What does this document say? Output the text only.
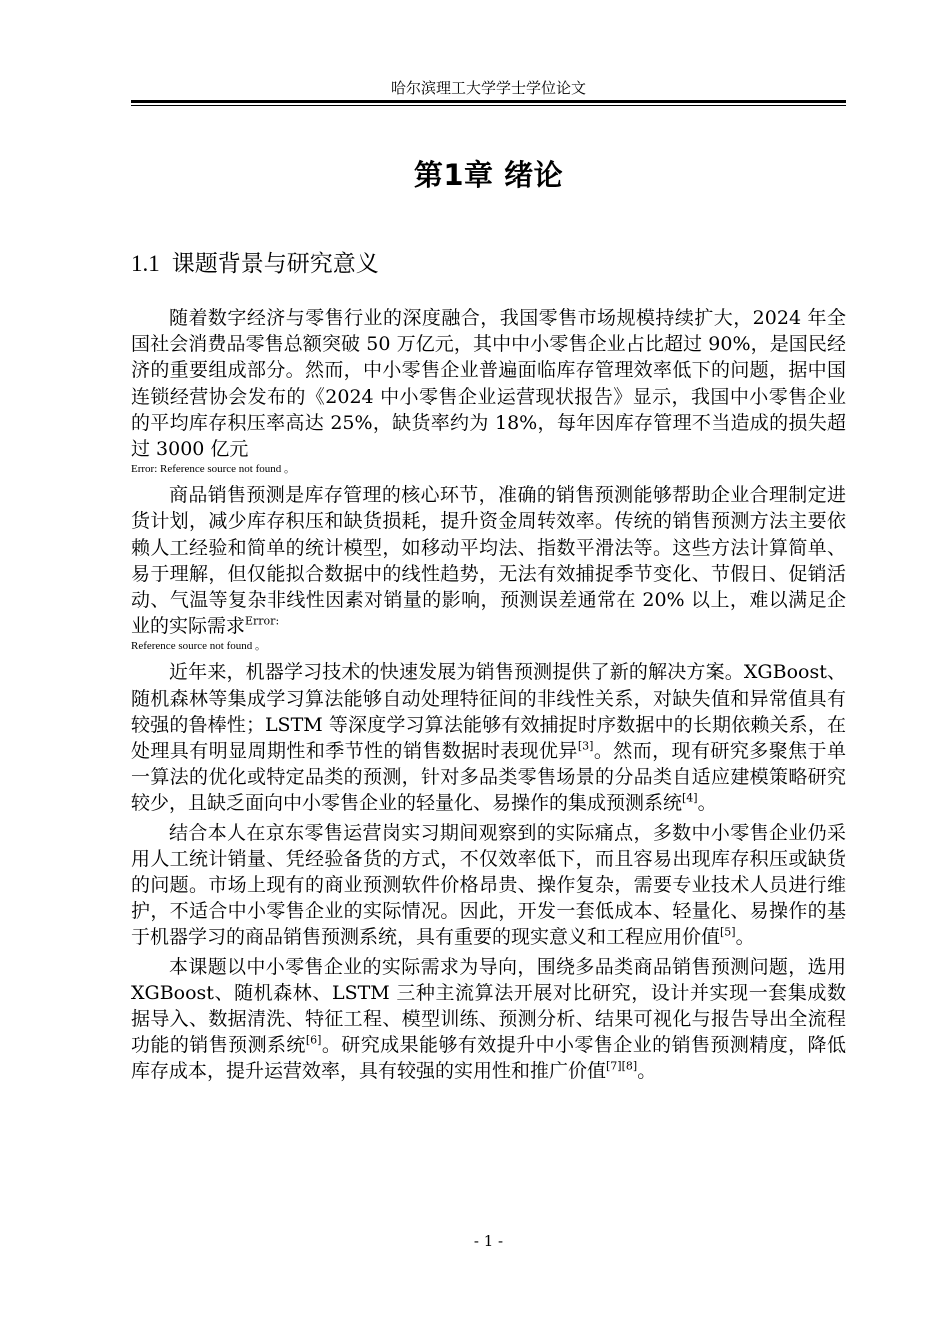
哈尔滨理工大学学士学位论文
第1章 绪论
1.1 课题背景与研究意义

随着数字经济与零售行业的深度融合，我国零售市场规模持续扩大，2024 年全国社会消费品零售总额突破 50 万亿元，其中中小零售企业占比超过 90%，是国民经济的重要组成部分。然而，中小零售企业普遍面临库存管理效率低下的问题，据中国连锁经营协会发布的《2024 中小零售企业运营现状报告》显示，我国中小零售企业的平均库存积压率高达 25%，缺货率约为 18%，每年因库存管理不当造成的损失超过 3000 亿元

Error: Reference source not found 。

商品销售预测是库存管理的核心环节，准确的销售预测能够帮助企业合理制定进货计划，减少库存积压和缺货损耗，提升资金周转效率。传统的销售预测方法主要依赖人工经验和简单的统计模型，如移动平均法、指数平滑法等。这些方法计算简单、易于理解，但仅能拟合数据中的线性趋势，无法有效捕捉季节变化、节假日、促销活动、气温等复杂非线性因素对销量的影响，预测误差通常在 20% 以上，难以满足企业的实际需求$^{Error:}$

Reference source not found 。

近年来，机器学习技术的快速发展为销售预测提供了新的解决方案。XGBoost、随机森林等集成学习算法能够自动处理特征间的非线性关系，对缺失值和异常值具有较强的鲁棒性；LSTM 等深度学习算法能够有效捕捉时序数据中的长期依赖关系，在处理具有明显周期性和季节性的销售数据时表现优异[3]。然而，现有研究多聚焦于单一算法的优化或特定品类的预测，针对多品类零售场景的分品类自适应建模策略研究较少，且缺乏面向中小零售企业的轻量化、易操作的集成预测系统[4]。

结合本人在京东零售运营岗实习期间观察到的实际痛点，多数中小零售企业仍采用人工统计销量、凭经验备货的方式，不仅效率低下，而且容易出现库存积压或缺货的问题。市场上现有的商业预测软件价格昂贵、操作复杂，需要专业技术人员进行维护，不适合中小零售企业的实际情况。因此，开发一套低成本、轻量化、易操作的基于机器学习的商品销售预测系统，具有重要的现实意义和工程应用价值[5]。

本课题以中小零售企业的实际需求为导向，围绕多品类商品销售预测问题，选用 XGBoost、随机森林、LSTM 三种主流算法开展对比研究，设计并实现一套集成数据导入、数据清洗、特征工程、模型训练、预测分析、结果可视化与报告导出全流程功能的销售预测系统[6]。研究成果能够有效提升中小零售企业的销售预测精度，降低库存成本，提升运营效率，具有较强的实用性和推广价值[7][8]。

- 1 -
